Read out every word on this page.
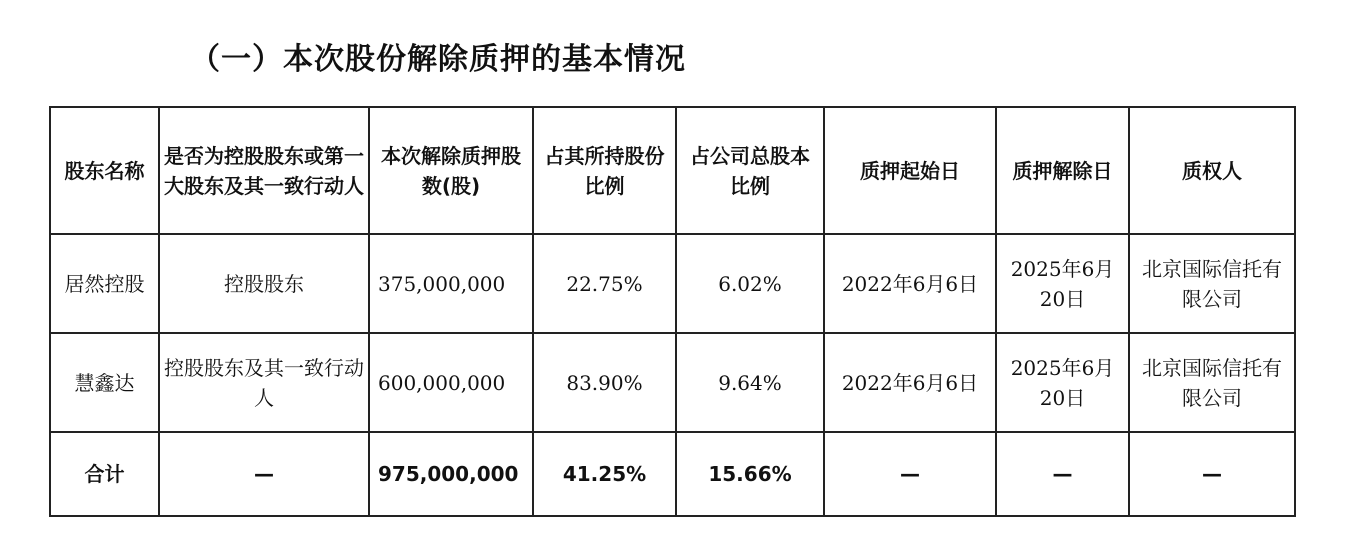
（一）本次股份解除质押的基本情况
股东名称	是否为控股股东或第一大股东及其一致行动人	本次解除质押股数(股)	占其所持股份比例	占公司总股本比例	质押起始日	质押解除日	质权人
居然控股	控股股东	375,000,000	22.75%	6.02%	2022年6月6日	2025年6月20日	北京国际信托有限公司
慧鑫达	控股股东及其一致行动人	600,000,000	83.90%	9.64%	2022年6月6日	2025年6月20日	北京国际信托有限公司
合计	—	975,000,000	41.25%	15.66%	—	—	—
